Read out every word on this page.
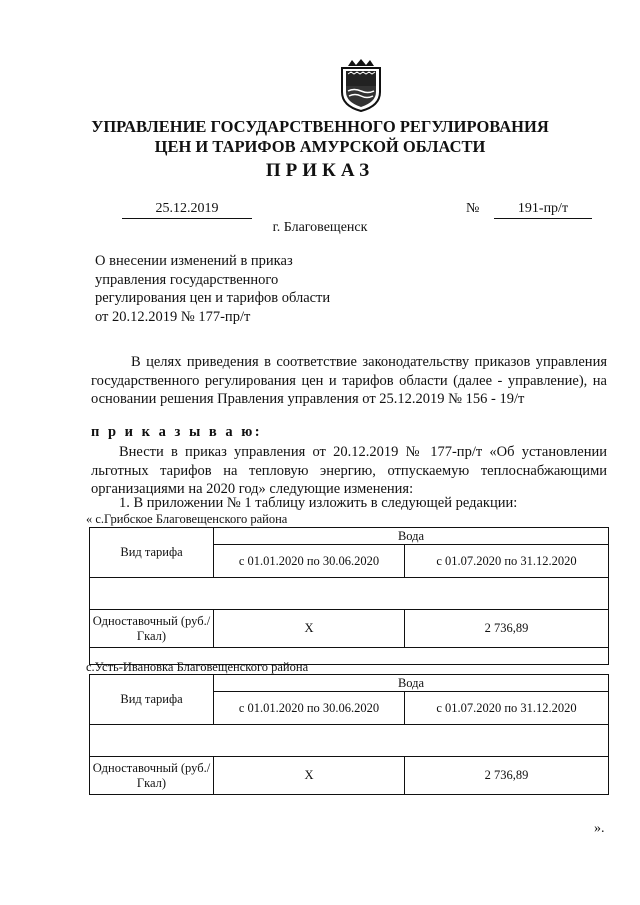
УПРАВЛЕНИЕ ГОСУДАРСТВЕННОГО РЕГУЛИРОВАНИЯ
ЦЕН И ТАРИФОВ АМУРСКОЙ ОБЛАСТИ
ПРИКАЗ
25.12.2019	№	191-пр/т
г. Благовещенск
О внесении изменений в приказ
управления государственного
регулирования цен и тарифов области
от 20.12.2019 № 177-пр/т
В целях приведения в соответствие законодательству приказов управления государственного регулирования цен и тарифов области (далее - управление), на основании решения Правления управления от 25.12.2019 № 156 - 19/т
п р и к а з ы в а ю:
Внести в приказ управления от 20.12.2019 № 177-пр/т «Об установлении льготных тарифов на тепловую энергию, отпускаемую теплоснабжающими организациями на 2020 год» следующие изменения:
1. В приложении № 1 таблицу изложить в следующей редакции:
« с.Грибское Благовещенского района
Вид тарифа	Вода	
	с 01.01.2020 по 30.06.2020	с 01.07.2020 по 31.12.2020

Одноставочный (руб./Гкал)	Х	2 736,89

с.Усть-Ивановка Благовещенского района
Вид тарифа	Вода	
	с 01.01.2020 по 30.06.2020	с 01.07.2020 по 31.12.2020

Одноставочный (руб./Гкал)	Х	2 736,89
».
